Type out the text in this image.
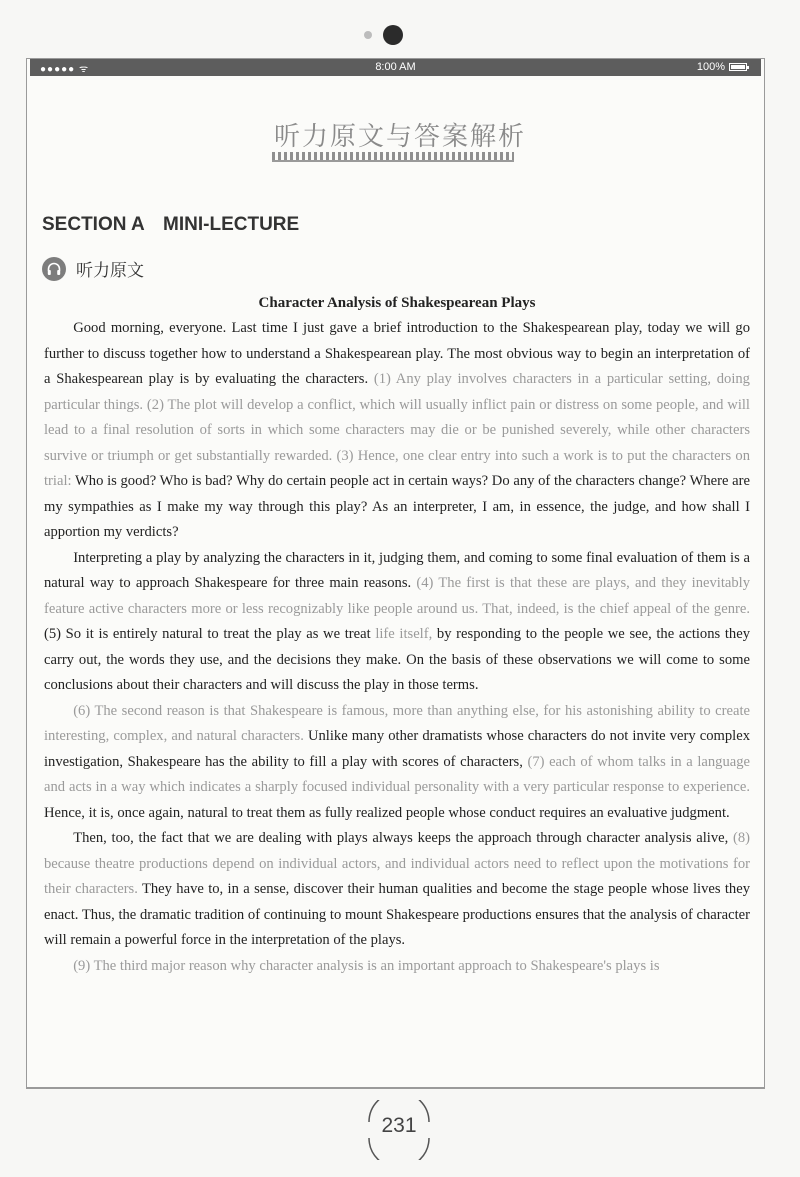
●●●●● ᯤ	8:00 AM	100%
听力原文与答案解析
SECTION A　MINI-LECTURE
听力原文
Character Analysis of Shakespearean Plays

Good morning, everyone. Last time I just gave a brief introduction to the Shakespearean play, today we will go further to discuss together how to understand a Shakespearean play. The most obvious way to begin an interpretation of a Shakespearean play is by evaluating the characters. (1) Any play involves characters in a particular setting, doing particular things. (2) The plot will develop a conflict, which will usually inflict pain or distress on some people, and will lead to a final resolution of sorts in which some characters may die or be punished severely, while other characters survive or triumph or get substantially rewarded. (3) Hence, one clear entry into such a work is to put the characters on trial: Who is good? Who is bad? Why do certain people act in certain ways? Do any of the characters change? Where are my sympathies as I make my way through this play? As an interpreter, I am, in essence, the judge, and how shall I apportion my verdicts?

Interpreting a play by analyzing the characters in it, judging them, and coming to some final evaluation of them is a natural way to approach Shakespeare for three main reasons. (4) The first is that these are plays, and they inevitably feature active characters more or less recognizably like people around us. That, indeed, is the chief appeal of the genre. (5) So it is entirely natural to treat the play as we treat life itself, by responding to the people we see, the actions they carry out, the words they use, and the decisions they make. On the basis of these observations we will come to some conclusions about their characters and will discuss the play in those terms.

(6) The second reason is that Shakespeare is famous, more than anything else, for his astonishing ability to create interesting, complex, and natural characters. Unlike many other dramatists whose characters do not invite very complex investigation, Shakespeare has the ability to fill a play with scores of characters, (7) each of whom talks in a language and acts in a way which indicates a sharply focused individual personality with a very particular response to experience. Hence, it is, once again, natural to treat them as fully realized people whose conduct requires an evaluative judgment.

Then, too, the fact that we are dealing with plays always keeps the approach through character analysis alive, (8) because theatre productions depend on individual actors, and individual actors need to reflect upon the motivations for their characters. They have to, in a sense, discover their human qualities and become the stage people whose lives they enact. Thus, the dramatic tradition of continuing to mount Shakespeare productions ensures that the analysis of character will remain a powerful force in the interpretation of the plays.

(9) The third major reason why character analysis is an important approach to Shakespeare's plays is

231
